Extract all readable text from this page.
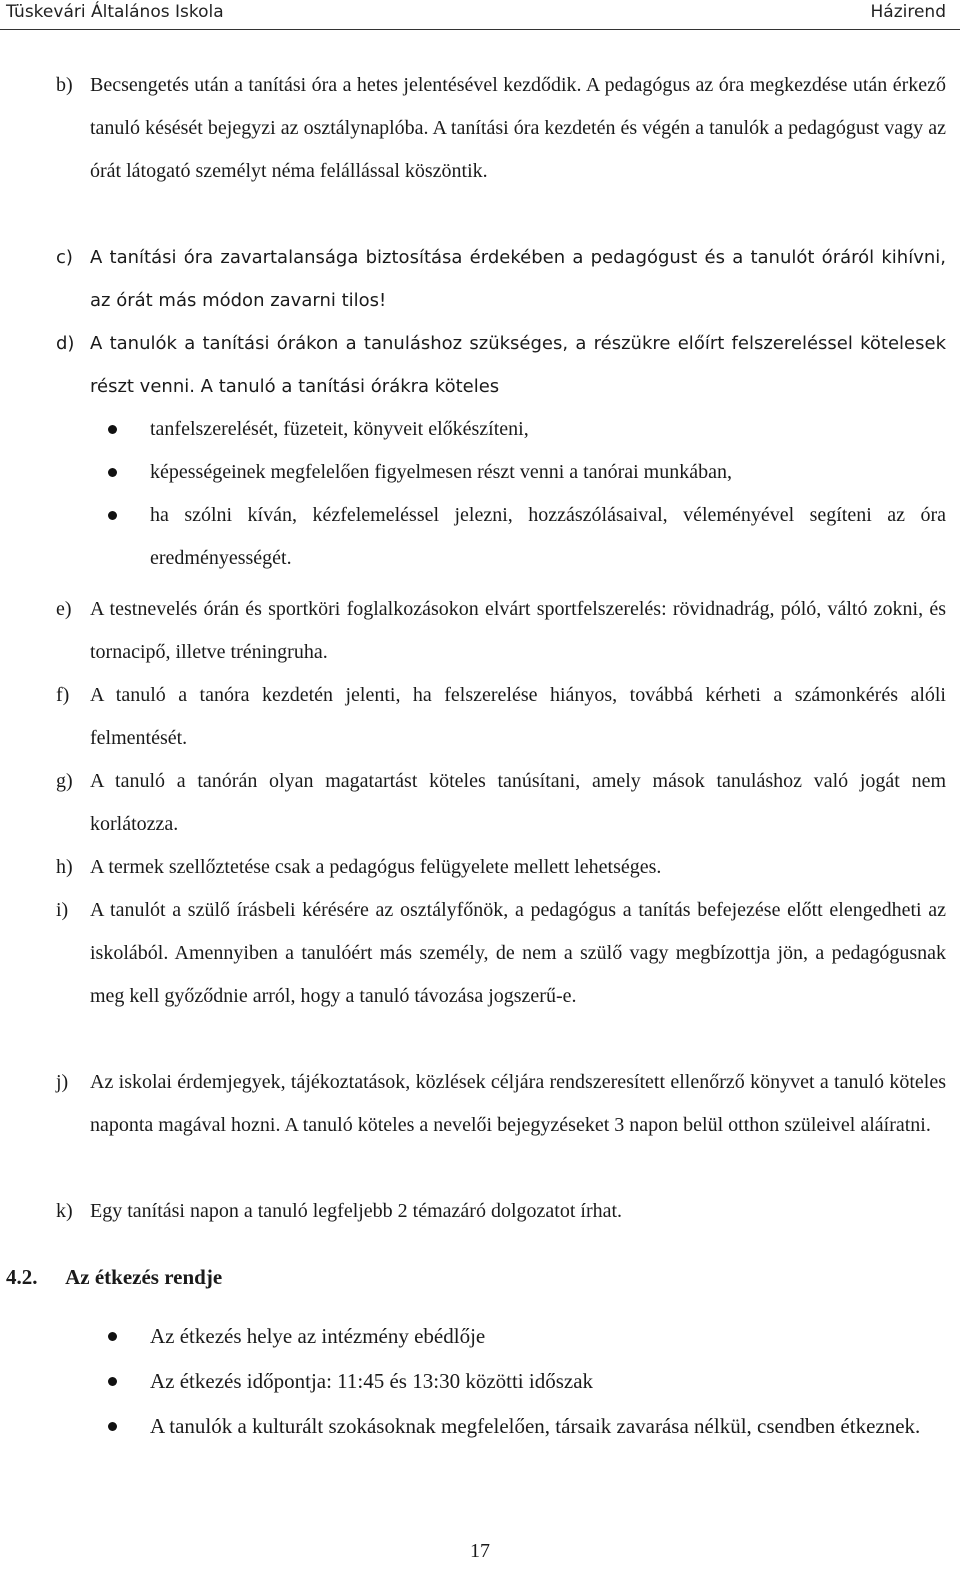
Tüskevári Általános Iskola	Házirend
b) Becsengetés után a tanítási óra a hetes jelentésével kezdődik. A pedagógus az óra megkezdése után érkező tanuló késését bejegyzi az osztálynaplóba. A tanítási óra kezdetén és végén a tanulók a pedagógust vagy az órát látogató személyt néma felállással köszöntik.
c) A tanítási óra zavartalansága biztosítása érdekében a pedagógust és a tanulót óráról kihívni, az órát más módon zavarni tilos!
d) A tanulók a tanítási órákon a tanuláshoz szükséges, a részükre előírt felszereléssel kötelesek részt venni. A tanuló a tanítási órákra köteles
tanfelszerelését, füzeteit, könyveit előkészíteni,
képességeinek megfelelően figyelmesen részt venni a tanórai munkában,
ha szólni kíván, kézfelemeléssel jelezni, hozzászólásaival, véleményével segíteni az óra eredményességét.
e) A testnevelés órán és sportköri foglalkozásokon elvárt sportfelszerelés: rövidnadrág, póló, váltó zokni, és tornacipő, illetve tréningruha.
f)	A tanuló a tanóra kezdetén jelenti, ha felszerelése hiányos, továbbá kérheti a számonkérés alóli felmentését.
g) A tanuló a tanórán olyan magatartást köteles tanúsítani, amely mások tanuláshoz való jogát nem korlátozza.
h) A termek szellőztetése csak a pedagógus felügyelete mellett lehetséges.
i)	A tanulót a szülő írásbeli kérésére az osztályfőnök, a pedagógus a tanítás befejezése előtt elengedheti az iskolából. Amennyiben a tanulóért más személy, de nem a szülő vagy megbízottja jön, a pedagógusnak meg kell győződnie arról, hogy a tanuló távozása jogszerű-e.
j)	Az iskolai érdemjegyek, tájékoztatások, közlések céljára rendszeresített ellenőrző könyvet a tanuló köteles naponta magával hozni. A tanuló köteles a nevelői bejegyzéseket 3 napon belül otthon szüleivel aláíratni.
k) Egy tanítási napon a tanuló legfeljebb 2 témazáró dolgozatot írhat.
4.2. Az étkezés rendje
Az étkezés helye az intézmény ebédlője
Az étkezés időpontja: 11:45 és 13:30 közötti időszak
A tanulók a kulturált szokásoknak megfelelően, társaik zavarása nélkül, csendben étkeznek.
17
